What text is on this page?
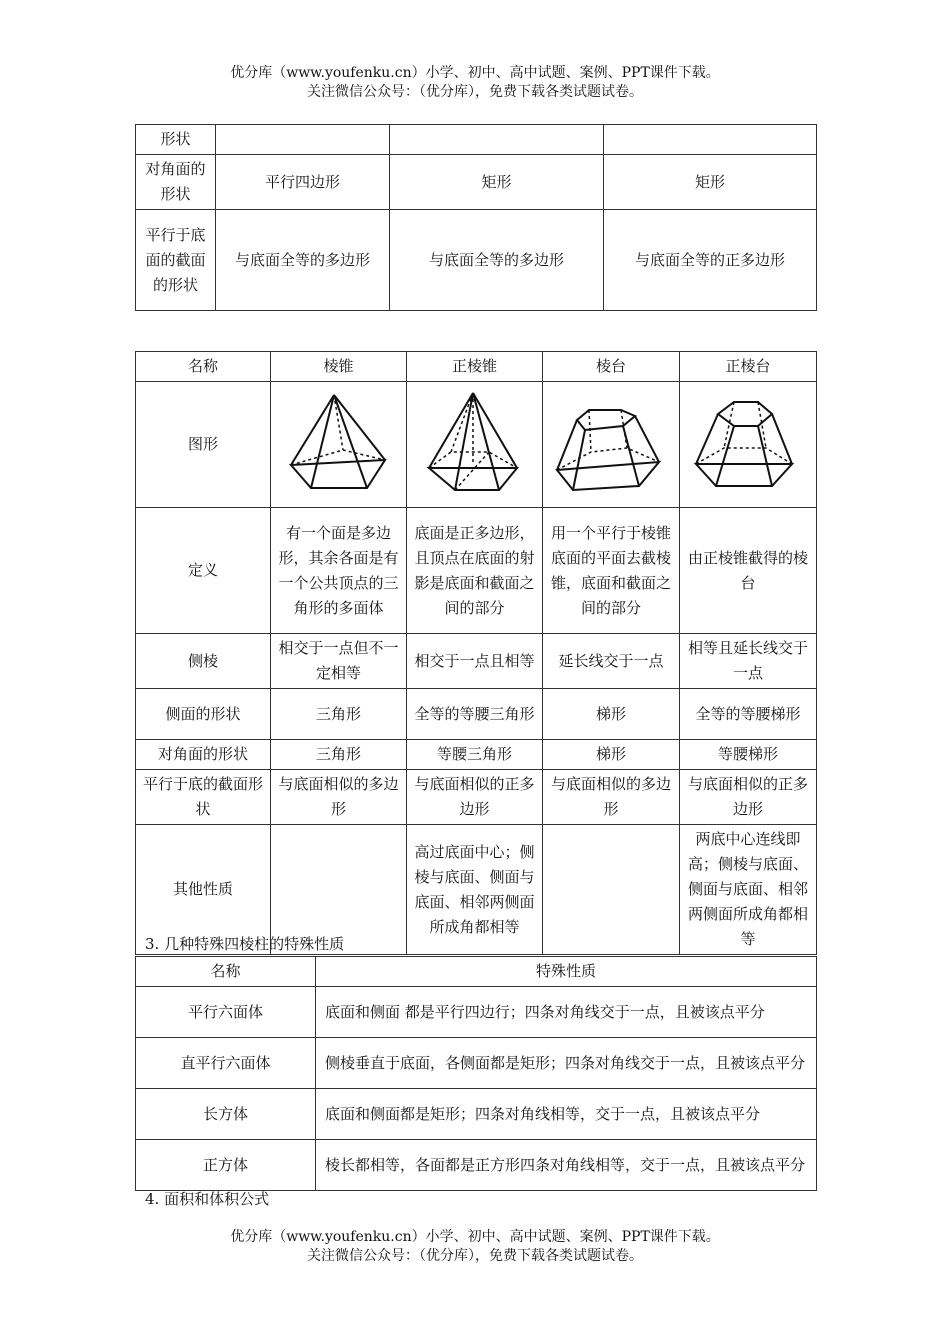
优分库（www.youfenku.cn）小学、初中、高中试题、案例、PPT课件下载。
关注微信公众号：（优分库），免费下载各类试题试卷。
形状			
对角面的形状	平行四边形	矩形	矩形
平行于底面的截面的形状	与底面全等的多边形	与底面全等的多边形	与底面全等的正多边形
名称	棱锥	正棱锥	棱台	正棱台
图形	

定义	有一个面是多边形，其余各面是有一个公共顶点的三角形的多面体	底面是正多边形，且顶点在底面的射影是底面和截面之间的部分	用一个平行于棱锥底面的平面去截棱锥，底面和截面之间的部分	由正棱锥截得的棱台
侧棱	相交于一点但不一定相等	相交于一点且相等	延长线交于一点	相等且延长线交于一点
侧面的形状	三角形	全等的等腰三角形	梯形	全等的等腰梯形
对角面的形状	三角形	等腰三角形	梯形	等腰梯形
平行于底的截面形状	与底面相似的多边形	与底面相似的正多边形	与底面相似的多边形	与底面相似的正多边形
其他性质		高过底面中心；侧棱与底面、侧面与底面、相邻两侧面所成角都相等		两底中心连线即高；侧棱与底面、侧面与底面、相邻两侧面所成角都相等
3. 几种特殊四棱柱的特殊性质
名称	特殊性质
平行六面体	底面和侧面 都是平行四边行；四条对角线交于一点，且被该点平分
直平行六面体	侧棱垂直于底面，各侧面都是矩形；四条对角线交于一点，且被该点平分
长方体	底面和侧面都是矩形；四条对角线相等，交于一点，且被该点平分
正方体	棱长都相等，各面都是正方形四条对角线相等，交于一点，且被该点平分
4. 面积和体积公式
优分库（www.youfenku.cn）小学、初中、高中试题、案例、PPT课件下载。
关注微信公众号：（优分库），免费下载各类试题试卷。
